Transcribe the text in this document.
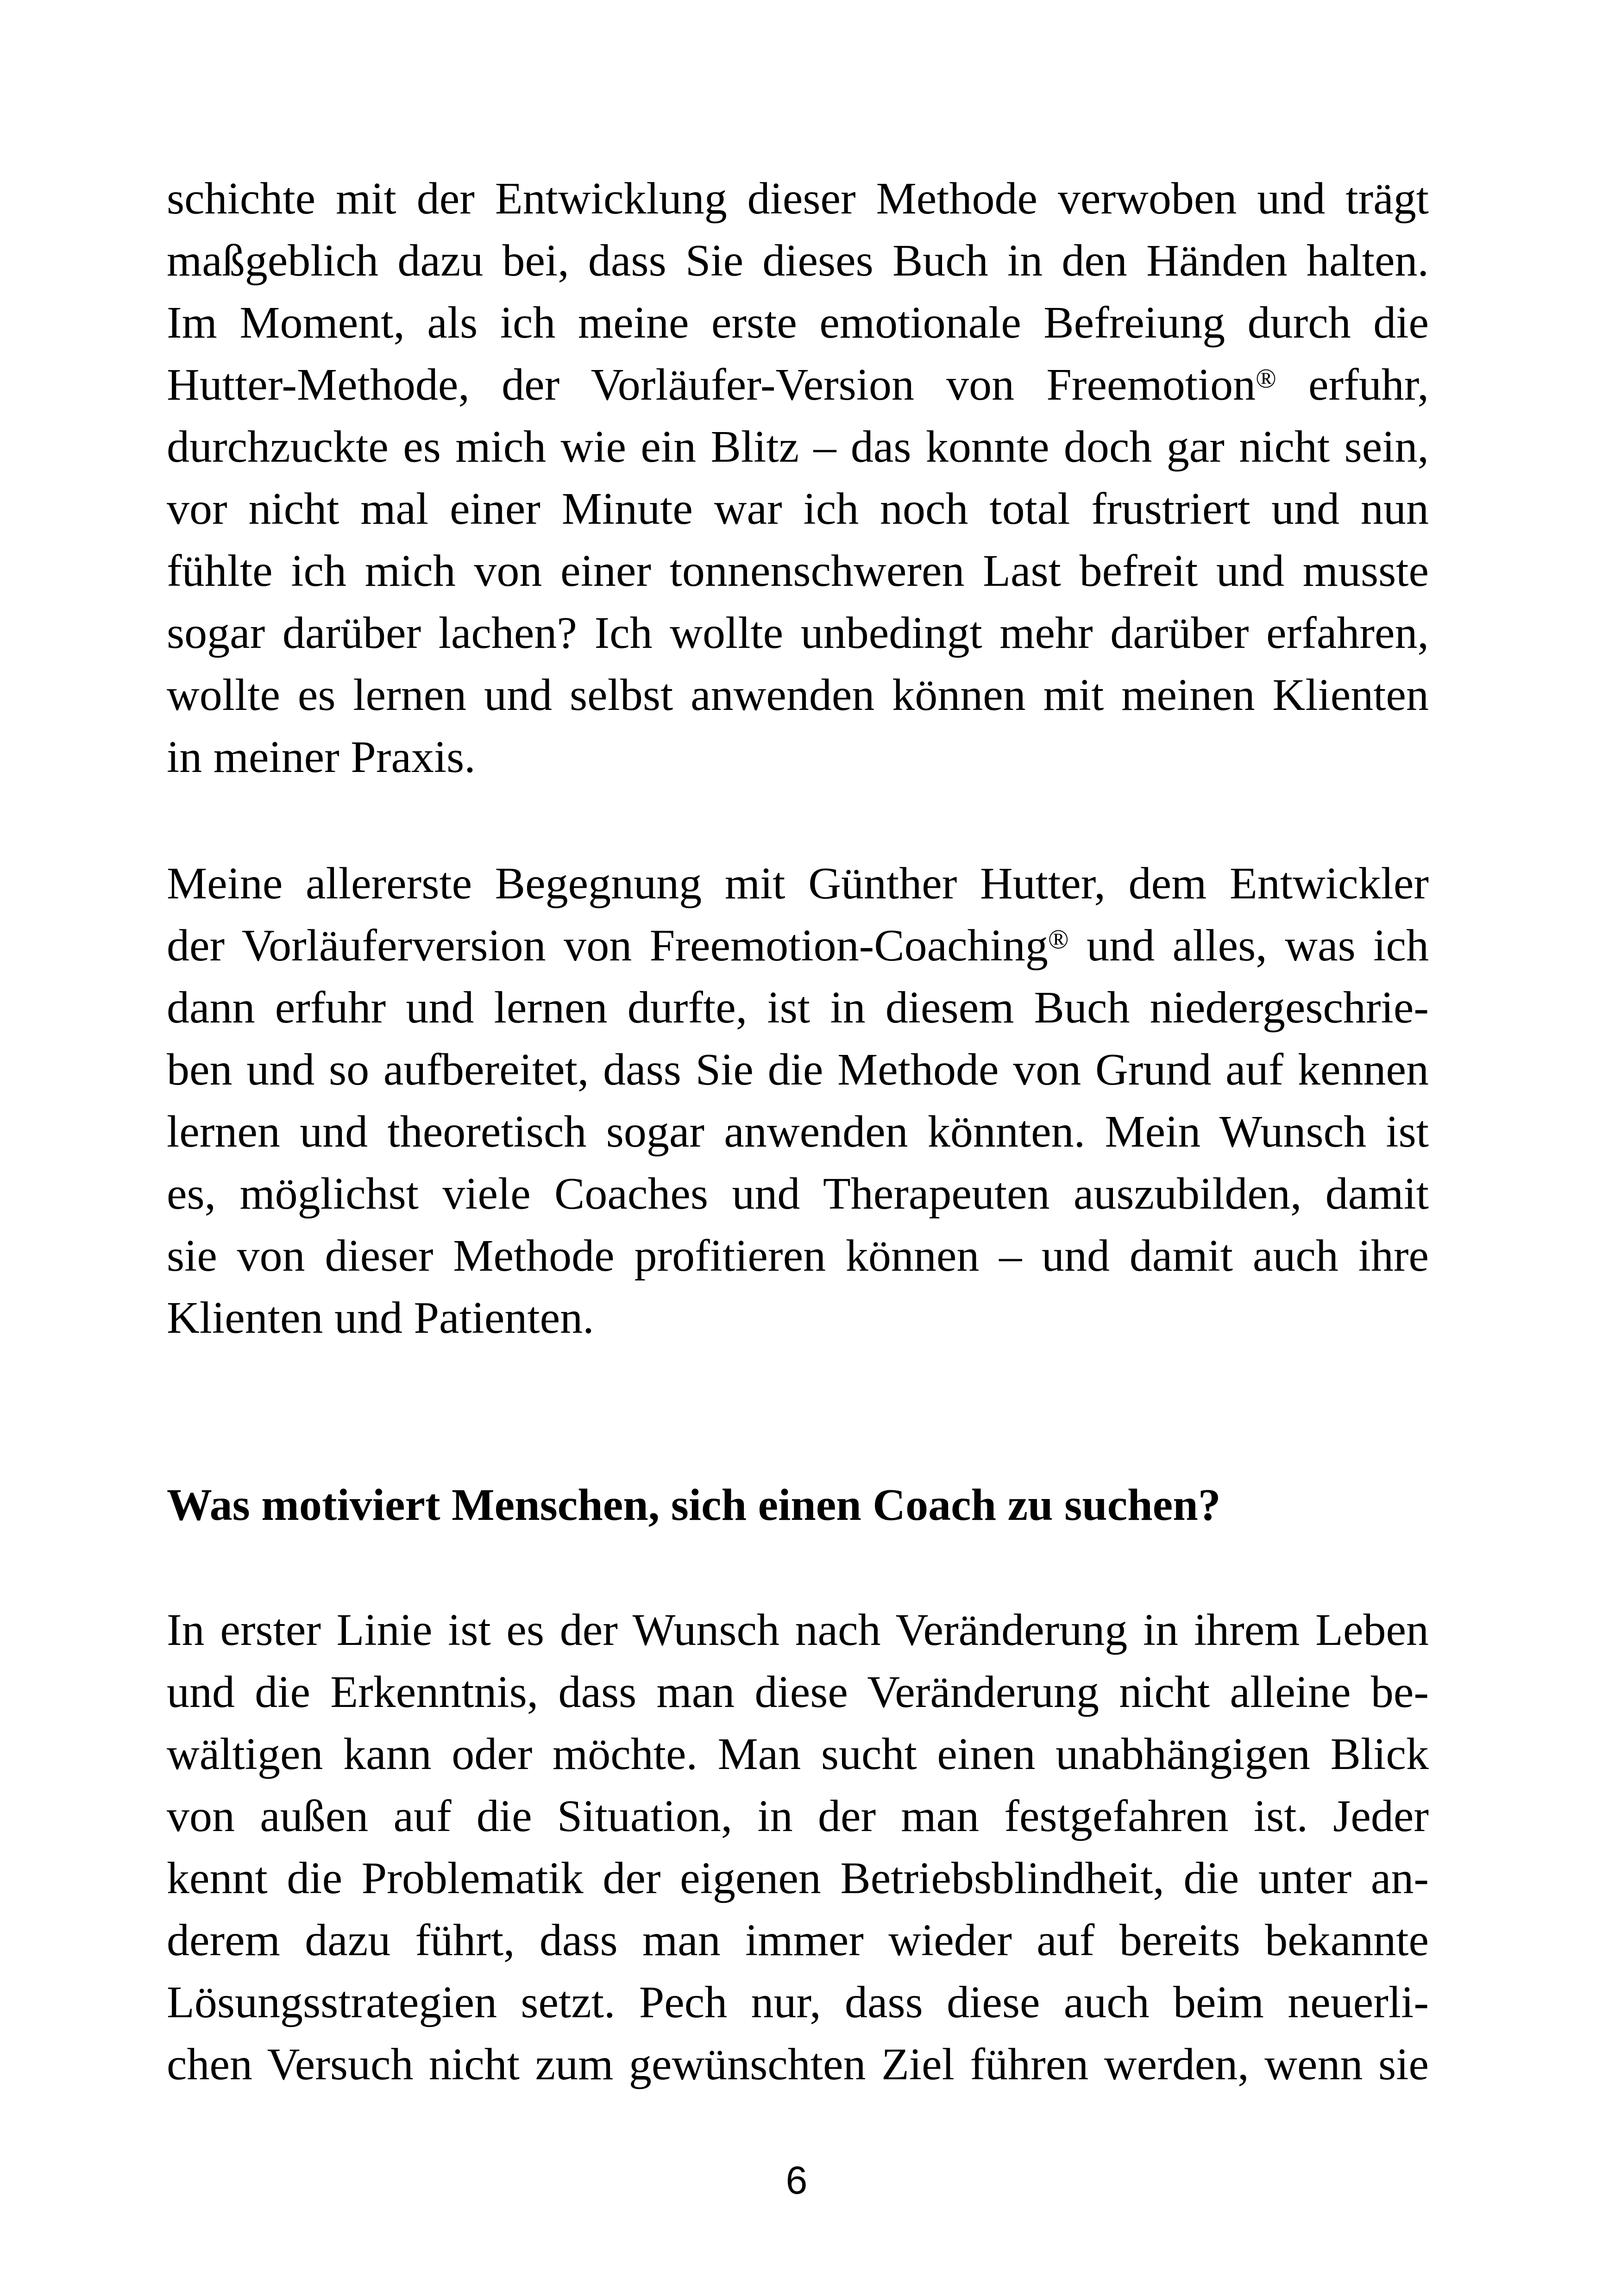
schichte mit der Entwicklung dieser Methode verwoben und trägt
maßgeblich dazu bei, dass Sie dieses Buch in den Händen halten.
Im Moment, als ich meine erste emotionale Befreiung durch die
Hutter-Methode, der Vorläufer-Version von Freemotion® erfuhr,
durchzuckte es mich wie ein Blitz – das konnte doch gar nicht sein,
vor nicht mal einer Minute war ich noch total frustriert und nun
fühlte ich mich von einer tonnenschweren Last befreit und musste
sogar darüber lachen? Ich wollte unbedingt mehr darüber erfahren,
wollte es lernen und selbst anwenden können mit meinen Klienten
in meiner Praxis.
Meine allererste Begegnung mit Günther Hutter, dem Entwickler
der Vorläuferversion von Freemotion-Coaching® und alles, was ich
dann erfuhr und lernen durfte, ist in diesem Buch niedergeschrie-
ben und so aufbereitet, dass Sie die Methode von Grund auf kennen
lernen und theoretisch sogar anwenden könnten. Mein Wunsch ist
es, möglichst viele Coaches und Therapeuten auszubilden, damit
sie von dieser Methode profitieren können – und damit auch ihre
Klienten und Patienten.
Was motiviert Menschen, sich einen Coach zu suchen?
In erster Linie ist es der Wunsch nach Veränderung in ihrem Leben
und die Erkenntnis, dass man diese Veränderung nicht alleine be-
wältigen kann oder möchte. Man sucht einen unabhängigen Blick
von außen auf die Situation, in der man festgefahren ist. Jeder
kennt die Problematik der eigenen Betriebsblindheit, die unter an-
derem dazu führt, dass man immer wieder auf bereits bekannte
Lösungsstrategien setzt. Pech nur, dass diese auch beim neuerli-
chen Versuch nicht zum gewünschten Ziel führen werden, wenn sie
6
